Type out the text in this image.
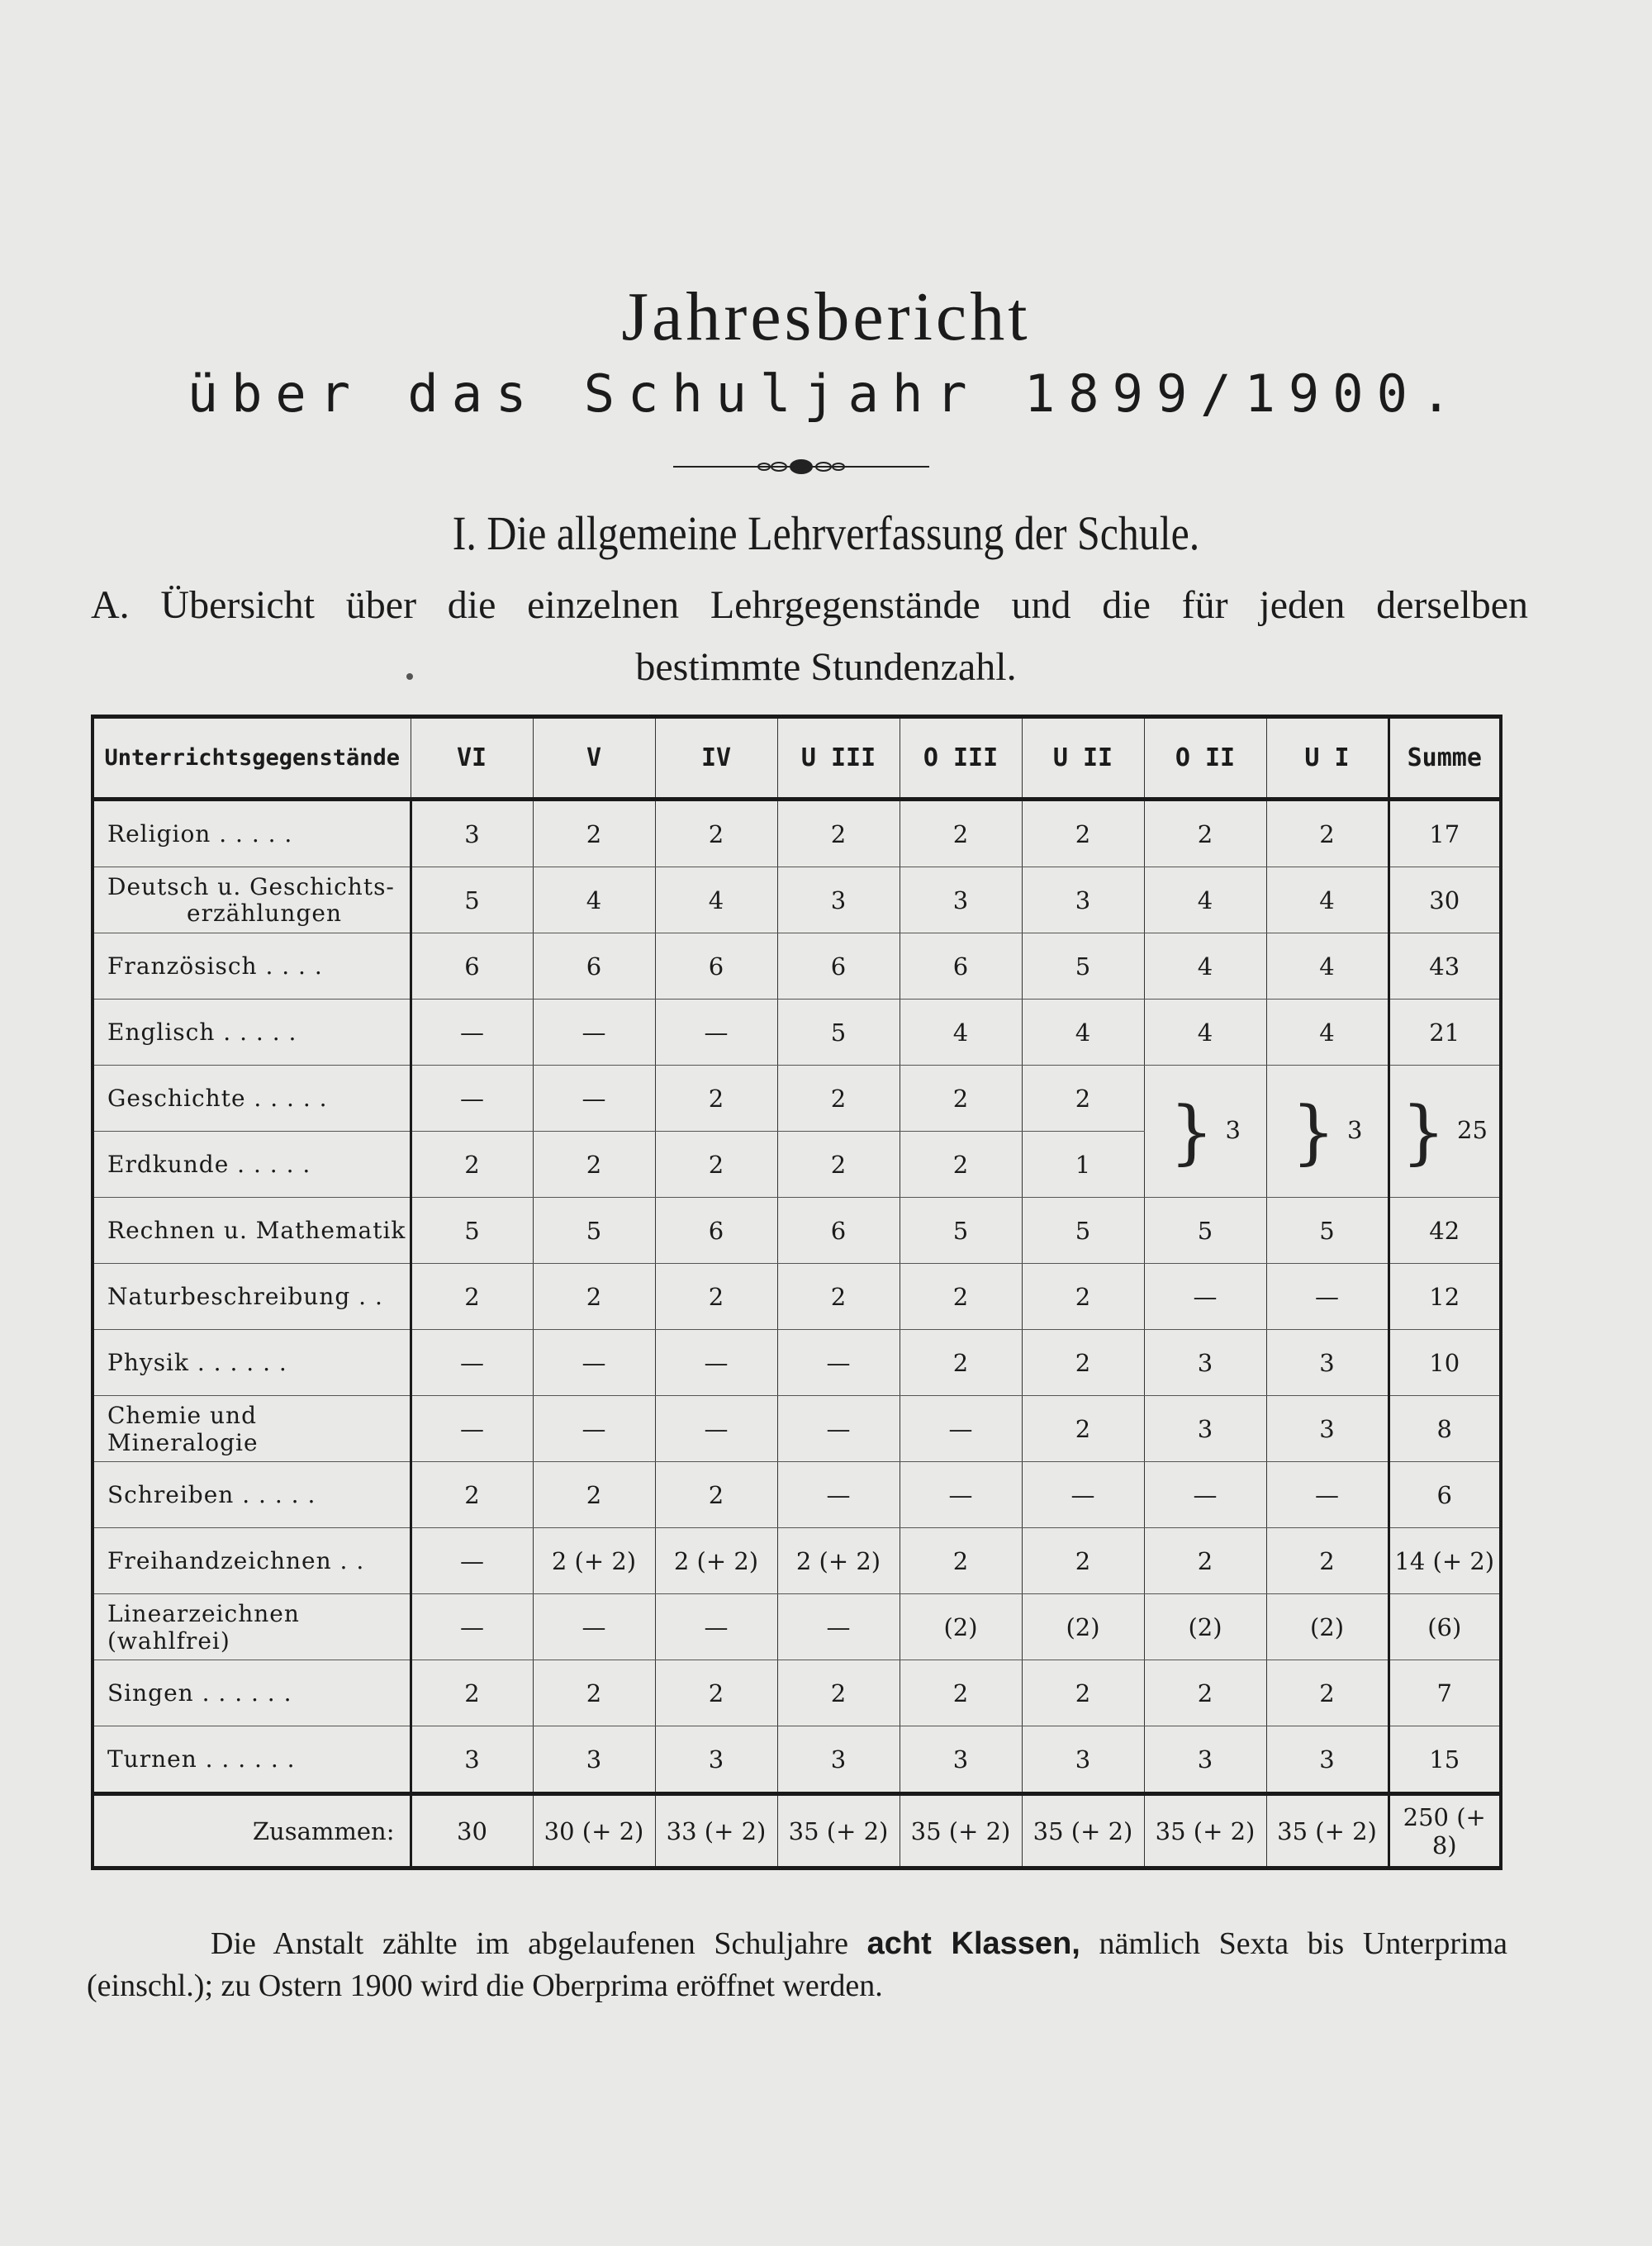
Jahresbericht
über das Schuljahr 1899/1900.
I. Die allgemeine Lehrverfassung der Schule.
A. Übersicht über die einzelnen Lehrgegenstände und die für jeden derselben
bestimmte Stundenzahl.
Unterrichtsgegenstände	VI	V	IV	U III	O III	U II	O II	U I	Summe
Religion . . . . .	3	2	2	2	2	2	2	2	17

Deutsch u. Geschichts-
erzählungen	5	4	4	3	3	3	4	4	30
Französisch . . . .	6	6	6	6	6	5	4	4	43
Englisch . . . . .	—	—	—	5	4	4	4	4	21
Geschichte . . . . .	—	—	2	2	2	2	} 3	} 3	} 25
Erdkunde . . . . .	2	2	2	2	2	1			
Rechnen u. Mathematik	5	5	6	6	5	5	5	5	42
Naturbeschreibung . .	2	2	2	2	2	2	—	—	12
Physik . . . . . .	—	—	—	—	2	2	3	3	10
Chemie und Mineralogie	—	—	—	—	—	2	3	3	8
Schreiben . . . . .	2	2	2	—	—	—	—	—	6
Freihandzeichnen . .	—	2 (+ 2)	2 (+ 2)	2 (+ 2)	2	2	2	2	14 (+ 2)
Linearzeichnen (wahlfrei)	—	—	—	—	(2)	(2)	(2)	(2)	(6)
Singen . . . . . .	2	2	2	2	2	2	2	2	7
Turnen . . . . . .	3	3	3	3	3	3	3	3	15
Zusammen:	30	30 (+ 2)	33 (+ 2)	35 (+ 2)	35 (+ 2)	35 (+ 2)	35 (+ 2)	35 (+ 2)	250 (+ 8)

Die Anstalt zählte im abgelaufenen Schuljahre acht Klassen, nämlich Sexta bis Unterprima (einschl.); zu Ostern 1900 wird die Oberprima eröffnet werden.
